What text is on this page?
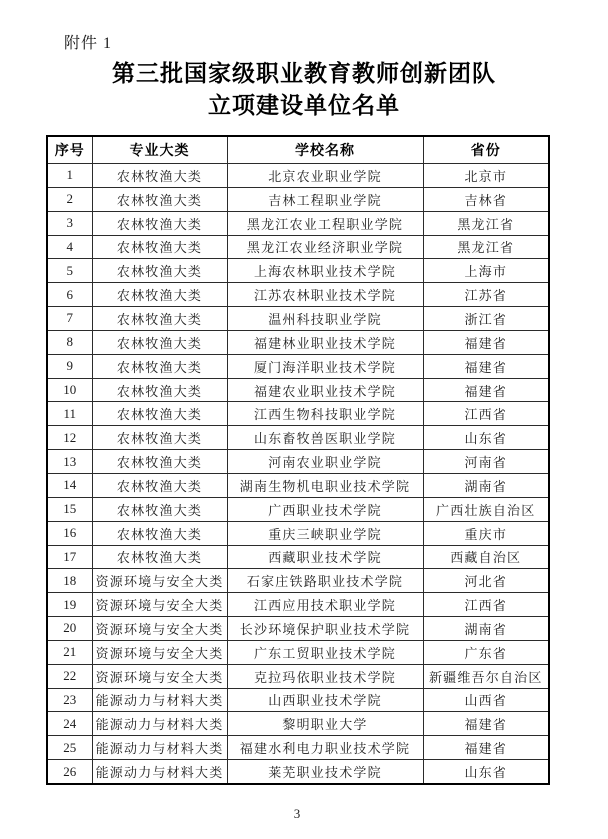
附件 1
第三批国家级职业教育教师创新团队
立项建设单位名单
序号	专业大类	学校名称	省份
1	农林牧渔大类	北京农业职业学院	北京市
2	农林牧渔大类	吉林工程职业学院	吉林省
3	农林牧渔大类	黑龙江农业工程职业学院	黑龙江省
4	农林牧渔大类	黑龙江农业经济职业学院	黑龙江省
5	农林牧渔大类	上海农林职业技术学院	上海市
6	农林牧渔大类	江苏农林职业技术学院	江苏省
7	农林牧渔大类	温州科技职业学院	浙江省
8	农林牧渔大类	福建林业职业技术学院	福建省
9	农林牧渔大类	厦门海洋职业技术学院	福建省
10	农林牧渔大类	福建农业职业技术学院	福建省
11	农林牧渔大类	江西生物科技职业学院	江西省
12	农林牧渔大类	山东畜牧兽医职业学院	山东省
13	农林牧渔大类	河南农业职业学院	河南省
14	农林牧渔大类	湖南生物机电职业技术学院	湖南省
15	农林牧渔大类	广西职业技术学院	广西壮族自治区
16	农林牧渔大类	重庆三峡职业学院	重庆市
17	农林牧渔大类	西藏职业技术学院	西藏自治区
18	资源环境与安全大类	石家庄铁路职业技术学院	河北省
19	资源环境与安全大类	江西应用技术职业学院	江西省
20	资源环境与安全大类	长沙环境保护职业技术学院	湖南省
21	资源环境与安全大类	广东工贸职业技术学院	广东省
22	资源环境与安全大类	克拉玛依职业技术学院	新疆维吾尔自治区
23	能源动力与材料大类	山西职业技术学院	山西省
24	能源动力与材料大类	黎明职业大学	福建省
25	能源动力与材料大类	福建水利电力职业技术学院	福建省
26	能源动力与材料大类	莱芜职业技术学院	山东省
3
